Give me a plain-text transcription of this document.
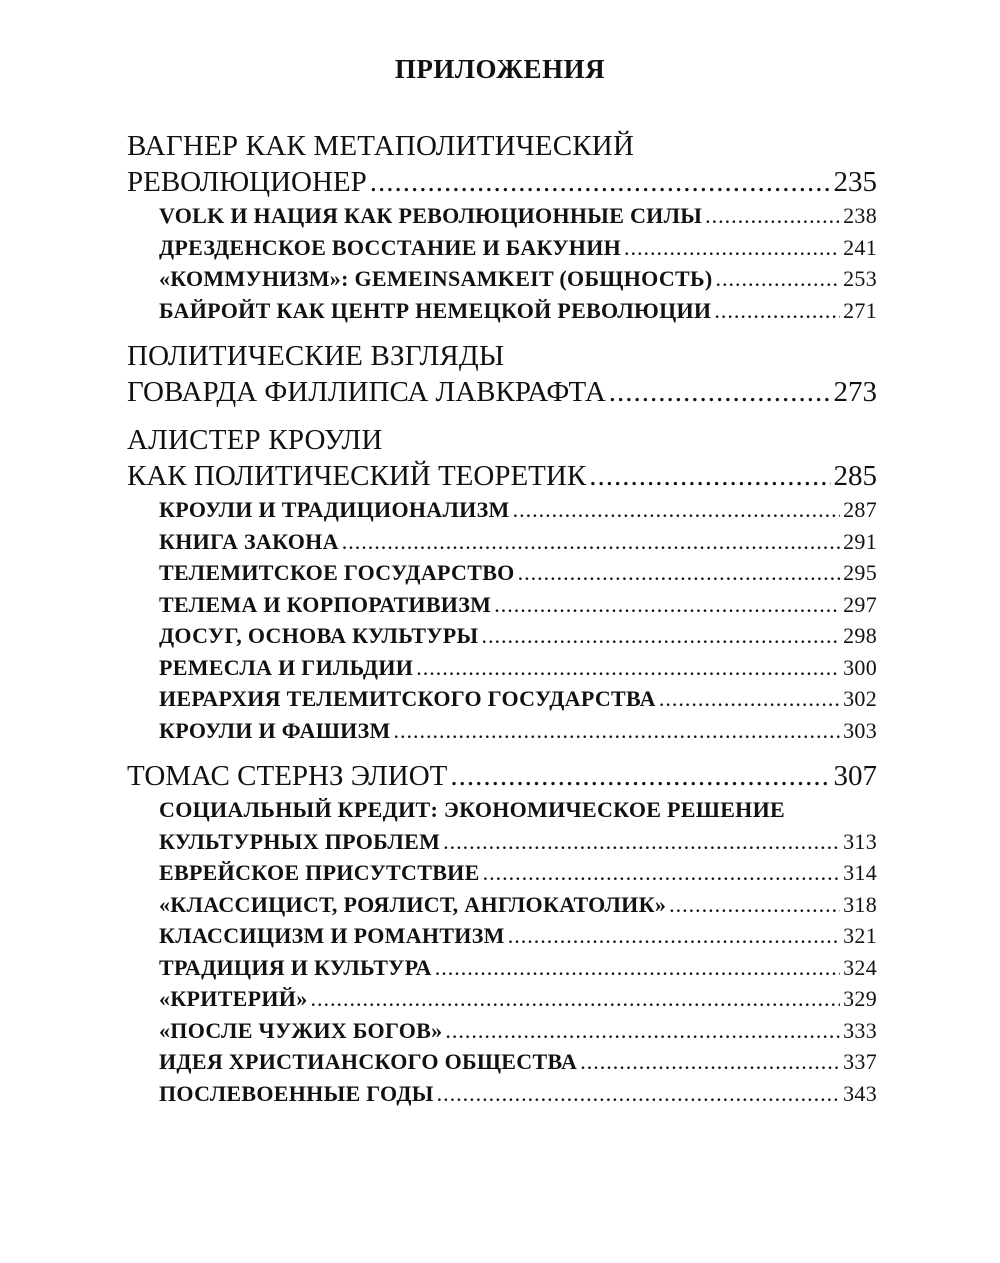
ПРИЛОЖЕНИЯ
ВАГНЕР КАК МЕТАПОЛИТИЧЕСКИЙ
РЕВОЛЮЦИОНЕР .....	235
VOLK И НАЦИЯ КАК РЕВОЛЮЦИОННЫЕ СИЛЫ .....	238
ДРЕЗДЕНСКОЕ ВОССТАНИЕ И БАКУНИН .....	241
«КОММУНИЗМ»: GEMEINSAMKEIT (ОБЩНОСТЬ) .....	253
БАЙРОЙТ КАК ЦЕНТР НЕМЕЦКОЙ РЕВОЛЮЦИИ .....	271
ПОЛИТИЧЕСКИЕ ВЗГЛЯДЫ
ГОВАРДА ФИЛЛИПСА ЛАВКРАФТА .....	273
АЛИСТЕР КРОУЛИ
КАК ПОЛИТИЧЕСКИЙ ТЕОРЕТИК .....	285
КРОУЛИ И ТРАДИЦИОНАЛИЗМ .....	287
КНИГА ЗАКОНА .....	291
ТЕЛЕМИТСКОЕ ГОСУДАРСТВО .....	295
ТЕЛЕМА И КОРПОРАТИВИЗМ .....	297
ДОСУГ, ОСНОВА КУЛЬТУРЫ .....	298
РЕМЕСЛА И ГИЛЬДИИ .....	300
ИЕРАРХИЯ ТЕЛЕМИТСКОГО ГОСУДАРСТВА .....	302
КРОУЛИ И ФАШИЗМ .....	303
ТОМАС СТЕРНЗ ЭЛИОТ .....	307
СОЦИАЛЬНЫЙ КРЕДИТ: ЭКОНОМИЧЕСКОЕ РЕШЕНИЕ
КУЛЬТУРНЫХ ПРОБЛЕМ .....	313
ЕВРЕЙСКОЕ ПРИСУТСТВИЕ .....	314
«КЛАССИЦИСТ, РОЯЛИСТ, АНГЛОКАТОЛИК» .....	318
КЛАССИЦИЗМ И РОМАНТИЗМ .....	321
ТРАДИЦИЯ И КУЛЬТУРА .....	324
«КРИТЕРИЙ» .....	329
«ПОСЛЕ ЧУЖИХ БОГОВ» .....	333
ИДЕЯ ХРИСТИАНСКОГО ОБЩЕСТВА .....	337
ПОСЛЕВОЕННЫЕ ГОДЫ .....	343
